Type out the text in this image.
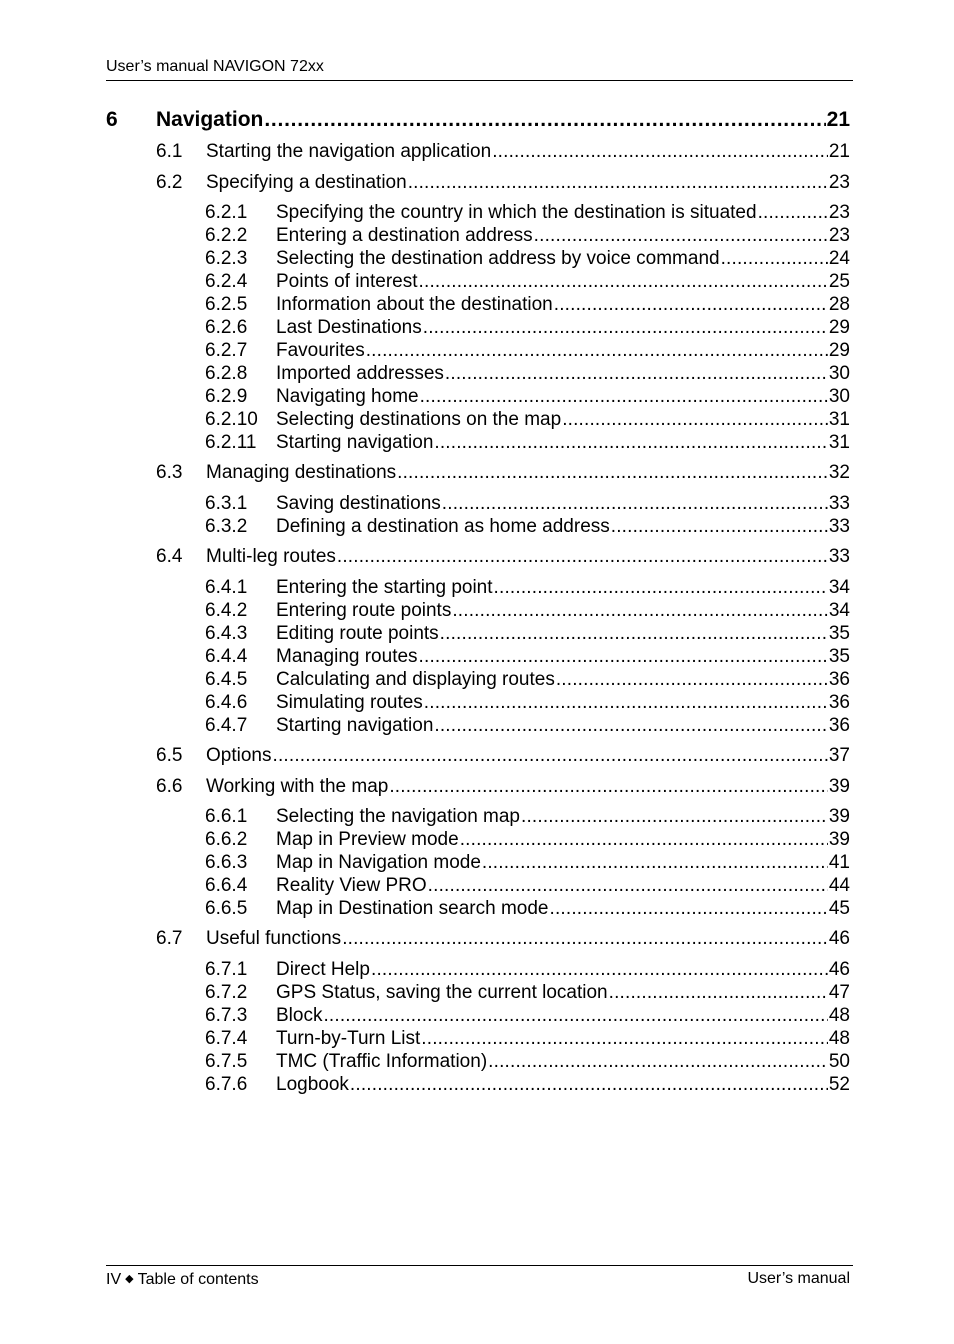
User’s manual NAVIGON 72xx
6	Navigation . . .	21
6.1	Starting the navigation application . . .	21
6.2	Specifying a destination . . .	23
6.2.1	Specifying the country in which the destination is situated . . .	23
6.2.2	Entering a destination address . . .	23
6.2.3	Selecting the destination address by voice command . . .	24
6.2.4	Points of interest . . .	25
6.2.5	Information about the destination . . .	28
6.2.6	Last Destinations . . .	29
6.2.7	Favourites . . .	29
6.2.8	Imported addresses . . .	30
6.2.9	Navigating home . . .	30
6.2.10 Selecting destinations on the map . . .	31
6.2.11	Starting navigation . . .	31
6.3	Managing destinations . . .	32
6.3.1	Saving destinations . . .	33
6.3.2	Defining a destination as home address . . .	33
6.4	Multi-leg routes . . .	33
6.4.1	Entering the starting point . . .	34
6.4.2	Entering route points . . .	34
6.4.3	Editing route points . . .	35
6.4.4	Managing routes . . .	35
6.4.5	Calculating and displaying routes . . .	36
6.4.6	Simulating routes . . .	36
6.4.7	Starting navigation . . .	36
6.5	Options . . .	37
6.6	Working with the map . . .	39
6.6.1	Selecting the navigation map . . .	39
6.6.2	Map in Preview mode . . .	39
6.6.3	Map in Navigation mode . . .	41
6.6.4	Reality View PRO . . .	44
6.6.5	Map in Destination search mode . . .	45
6.7	Useful functions . . .	46
6.7.1	Direct Help . . .	46
6.7.2	GPS Status, saving the current location . . .	47
6.7.3	Block . . .	48
6.7.4	Turn-by-Turn List . . .	48
6.7.5	TMC (Traffic Information) . . .	50
6.7.6	Logbook . . .	52
IV ◆ Table of contents	User’s manual
